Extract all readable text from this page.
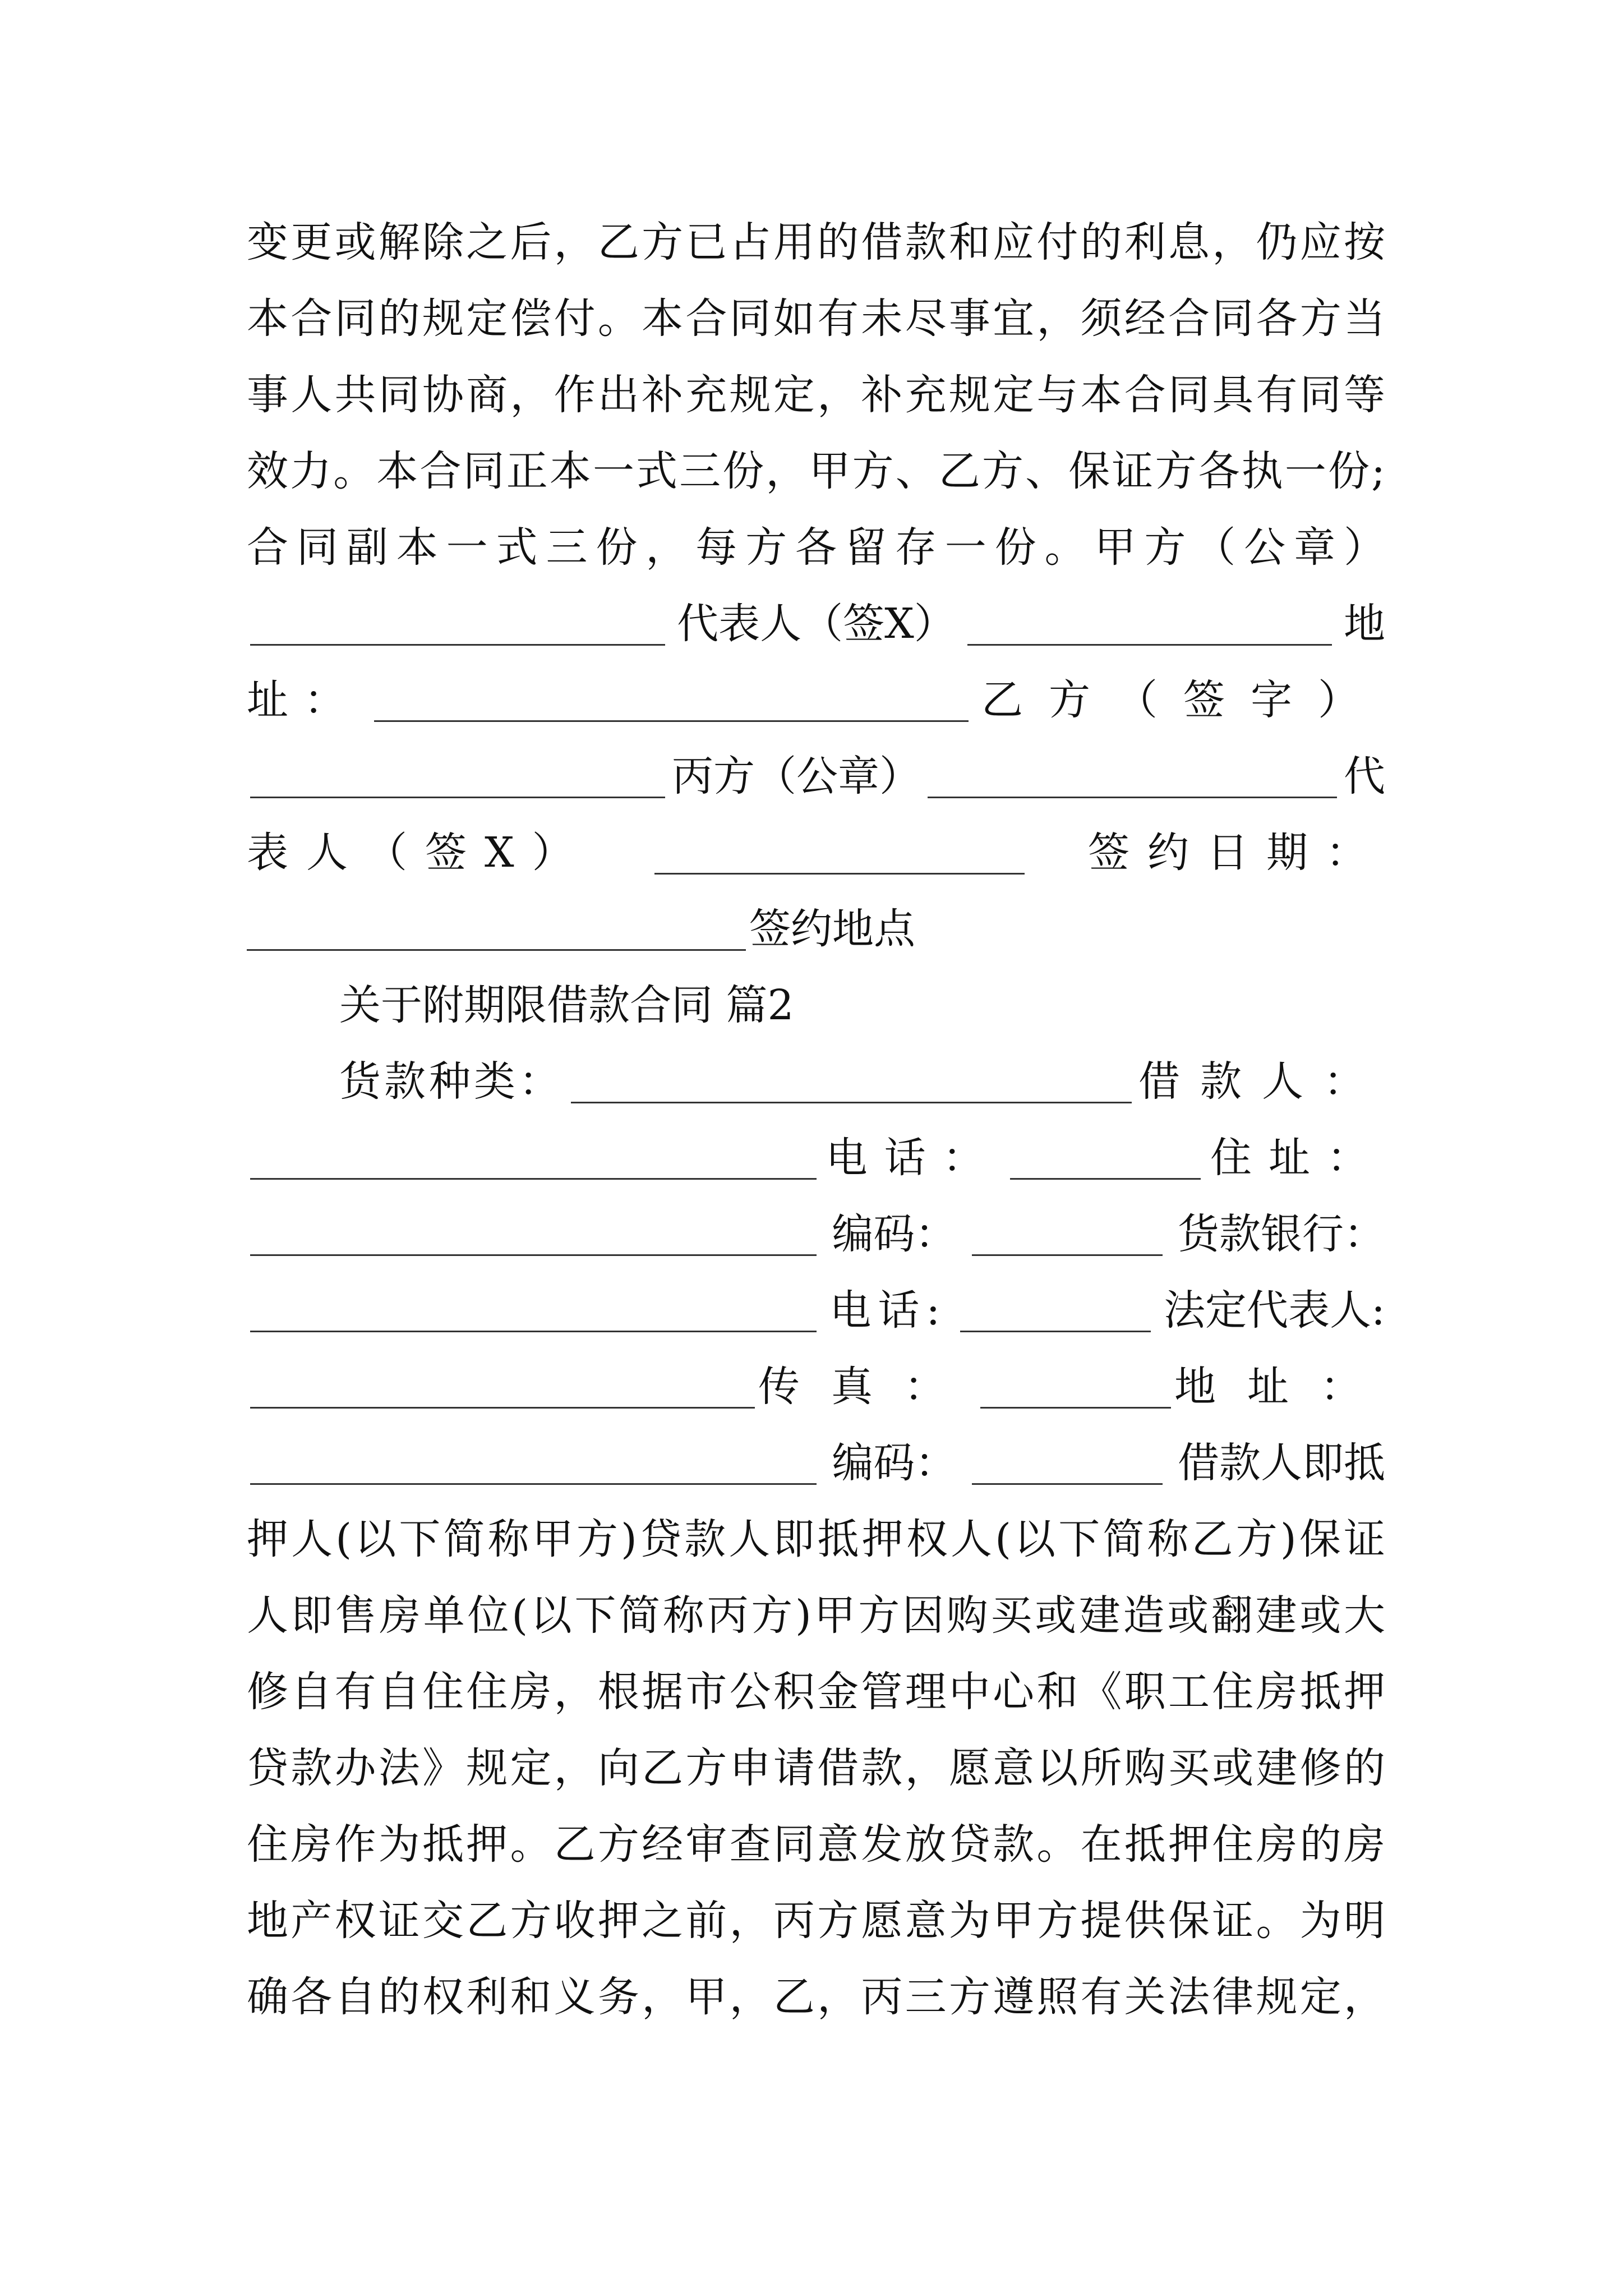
变更或解除之后，乙方已占用的借款和应付的利息，仍应按
本合同的规定偿付。本合同如有未尽事宜，须经合同各方当
事人共同协商，作出补充规定，补充规定与本合同具有同等
效力。本合同正本一式三份，甲方、乙方、保证方各执一份;
合同副本一式三份，每方各留存一份。甲方（公章）
代表人（签X）	地
址：	乙方（签字）
丙方（公章）	代
表人（签X）	签约日期：
签约地点
关于附期限借款合同 篇2
货款种类：	借款人：
电话：	住址：
编码：	货款银行：
电话:	法定代表人:
传真：	地址：
编码：	借款人即抵
押人(以下简称甲方)贷款人即抵押权人(以下简称乙方)保证
人即售房单位(以下简称丙方)甲方因购买或建造或翻建或大
修自有自住住房，根据市公积金管理中心和《职工住房抵押
贷款办法》规定，向乙方申请借款，愿意以所购买或建修的
住房作为抵押。乙方经审查同意发放贷款。在抵押住房的房
地产权证交乙方收押之前，丙方愿意为甲方提供保证。为明
确各自的权利和义务，甲，乙，丙三方遵照有关法律规定，
